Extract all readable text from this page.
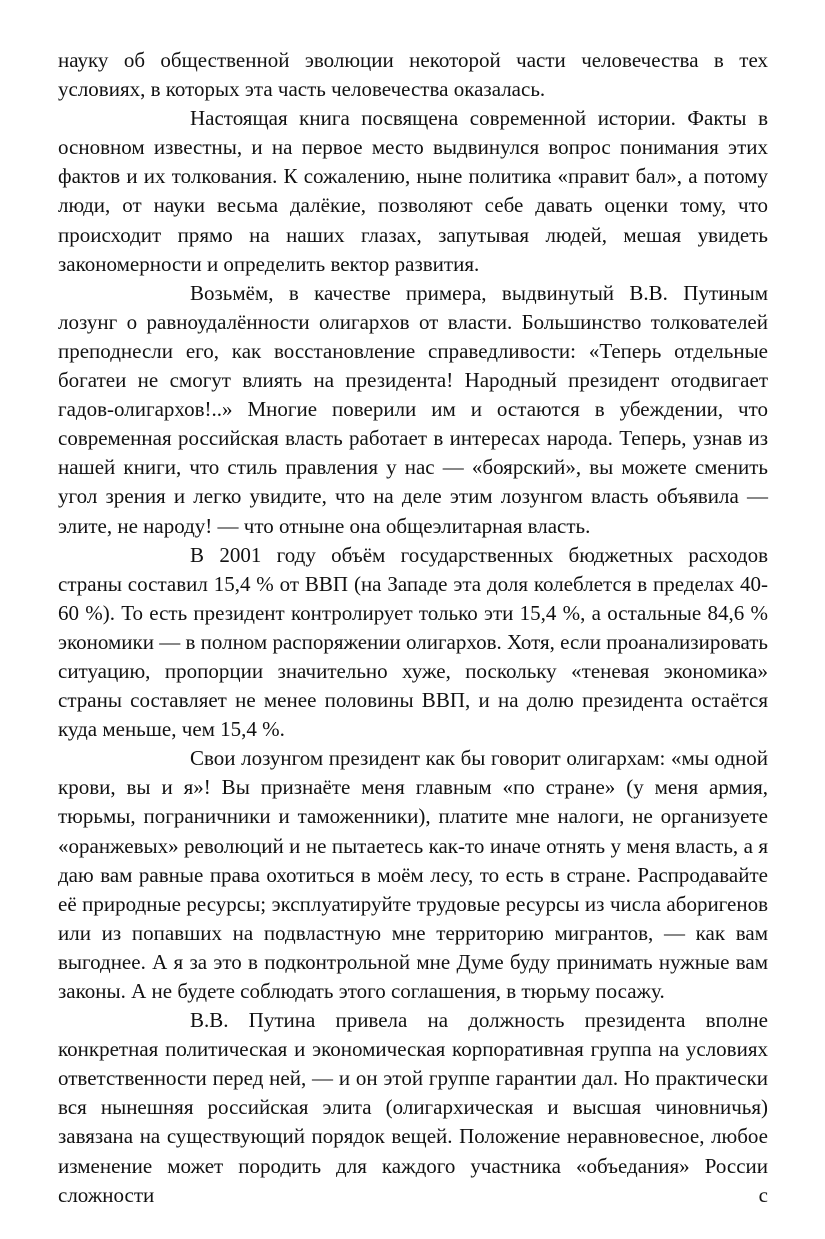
науку об общественной эволюции некоторой части человечества в тех условиях, в которых эта часть человечества оказалась.

Настоящая книга посвящена современной истории. Факты в основном известны, и на первое место выдвинулся вопрос понимания этих фактов и их толкования. К сожалению, ныне политика «правит бал», а потому люди, от науки весьма далёкие, позволяют себе давать оценки тому, что происходит прямо на наших глазах, запутывая людей, мешая увидеть закономерности и определить вектор развития.

Возьмём, в качестве примера, выдвинутый В.В. Путиным лозунг о равноудалённости олигархов от власти. Большинство толкователей преподнесли его, как восстановление справедливости: «Теперь отдельные богатеи не смогут влиять на президента! Народный президент отодвигает гадов-олигархов!..» Многие поверили им и остаются в убеждении, что современная российская власть работает в интересах народа. Теперь, узнав из нашей книги, что стиль правления у нас — «боярский», вы можете сменить угол зрения и легко увидите, что на деле этим лозунгом власть объявила — элите, не народу! — что отныне она общеэлитарная власть.

В 2001 году объём государственных бюджетных расходов страны составил 15,4 % от ВВП (на Западе эта доля колеблется в пределах 40-60 %). То есть президент контролирует только эти 15,4 %, а остальные 84,6 % экономики — в полном распоряжении олигархов. Хотя, если проанализировать ситуацию, пропорции значительно хуже, поскольку «теневая экономика» страны составляет не менее половины ВВП, и на долю президента остаётся куда меньше, чем 15,4 %.

Свои лозунгом президент как бы говорит олигархам: «мы одной крови, вы и я»! Вы признаёте меня главным «по стране» (у меня армия, тюрьмы, пограничники и таможенники), платите мне налоги, не организуете «оранжевых» революций и не пытаетесь как-то иначе отнять у меня власть, а я даю вам равные права охотиться в моём лесу, то есть в стране. Распродавайте её природные ресурсы; эксплуатируйте трудовые ресурсы из числа аборигенов или из попавших на подвластную мне территорию мигрантов, — как вам выгоднее. А я за это в подконтрольной мне Думе буду принимать нужные вам законы. А не будете соблюдать этого соглашения, в тюрьму посажу.

В.В. Путина привела на должность президента вполне конкретная политическая и экономическая корпоративная группа на условиях ответственности перед ней, — и он этой группе гарантии дал. Но практически вся нынешняя российская элита (олигархическая и высшая чиновничья) завязана на существующий порядок вещей. Положение неравновесное, любое изменение может породить для каждого участника «объедания» России сложности с
